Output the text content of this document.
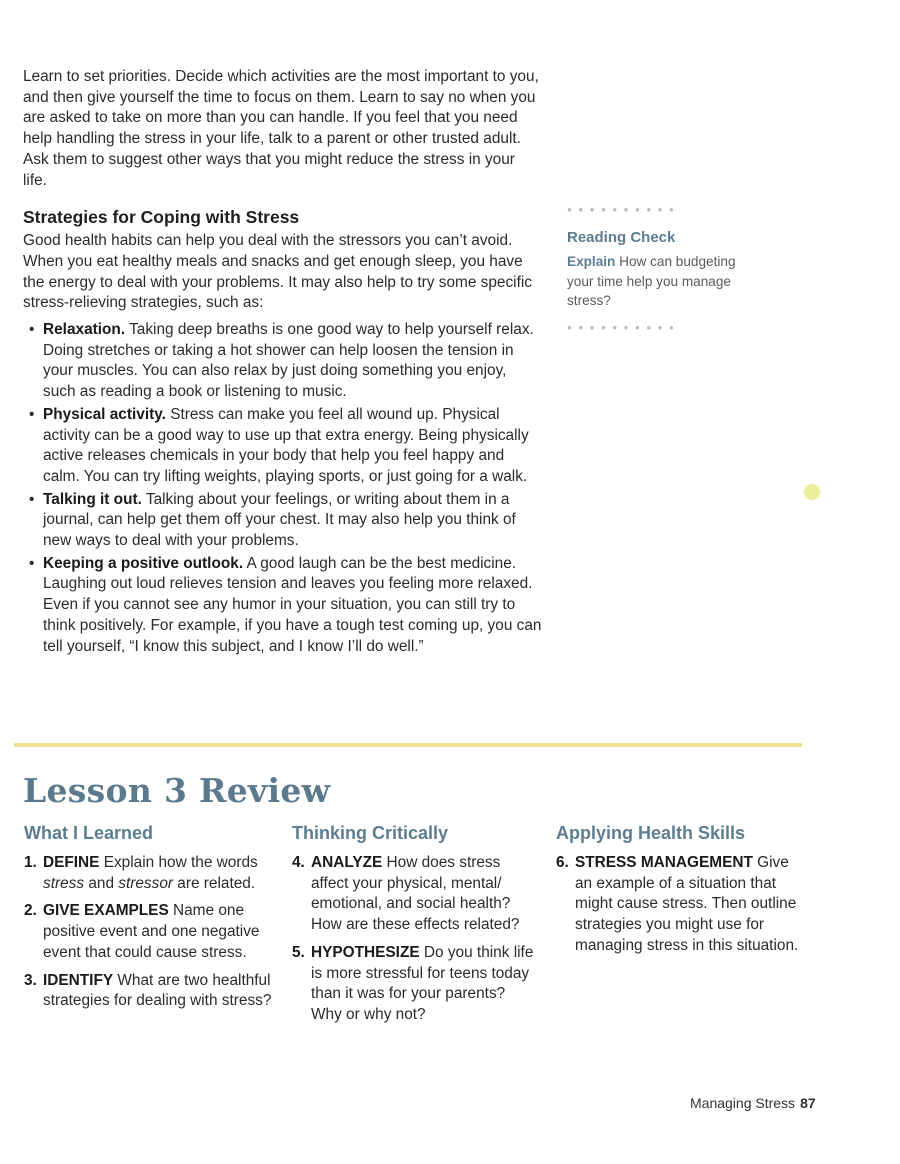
Learn to set priorities. Decide which activities are the most important to you, and then give yourself the time to focus on them. Learn to say no when you are asked to take on more than you can handle. If you feel that you need help handling the stress in your life, talk to a parent or other trusted adult. Ask them to suggest other ways that you might reduce the stress in your life.

Strategies for Coping with Stress

Good health habits can help you deal with the stressors you can’t avoid. When you eat healthy meals and snacks and get enough sleep, you have the energy to deal with your problems. It may also help to try some specific stress-relieving strategies, such as:

• Relaxation. Taking deep breaths is one good way to help yourself relax. Doing stretches or taking a hot shower can help loosen the tension in your muscles. You can also relax by just doing something you enjoy, such as reading a book or listening to music.
• Physical activity. Stress can make you feel all wound up. Physical activity can be a good way to use up that extra energy. Being physically active releases chemicals in your body that help you feel happy and calm. You can try lifting weights, playing sports, or just going for a walk.
• Talking it out. Talking about your feelings, or writing about them in a journal, can help get them off your chest. It may also help you think of new ways to deal with your problems.
• Keeping a positive outlook. A good laugh can be the best medicine. Laughing out loud relieves tension and leaves you feeling more relaxed. Even if you cannot see any humor in your situation, you can still try to think positively. For example, if you have a tough test coming up, you can tell yourself, “I know this subject, and I know I’ll do well.”
●●●●●●●●●●
Reading Check

Explain How can budgeting your time help you manage stress?

●●●●●●●●●●
Lesson 3 Review
What I Learned
1. DEFINE Explain how the words stress and stressor are related.
2. GIVE EXAMPLES Name one positive event and one negative event that could cause stress.
3. IDENTIFY What are two healthful strategies for dealing with stress?
Thinking Critically
4. ANALYZE How does stress affect your physical, mental/ emotional, and social health? How are these effects related?
5. HYPOTHESIZE Do you think life is more stressful for teens today than it was for your parents? Why or why not?
Applying Health Skills
6. STRESS MANAGEMENT Give an example of a situation that might cause stress. Then outline strategies you might use for managing stress in this situation.
Managing Stress 87
